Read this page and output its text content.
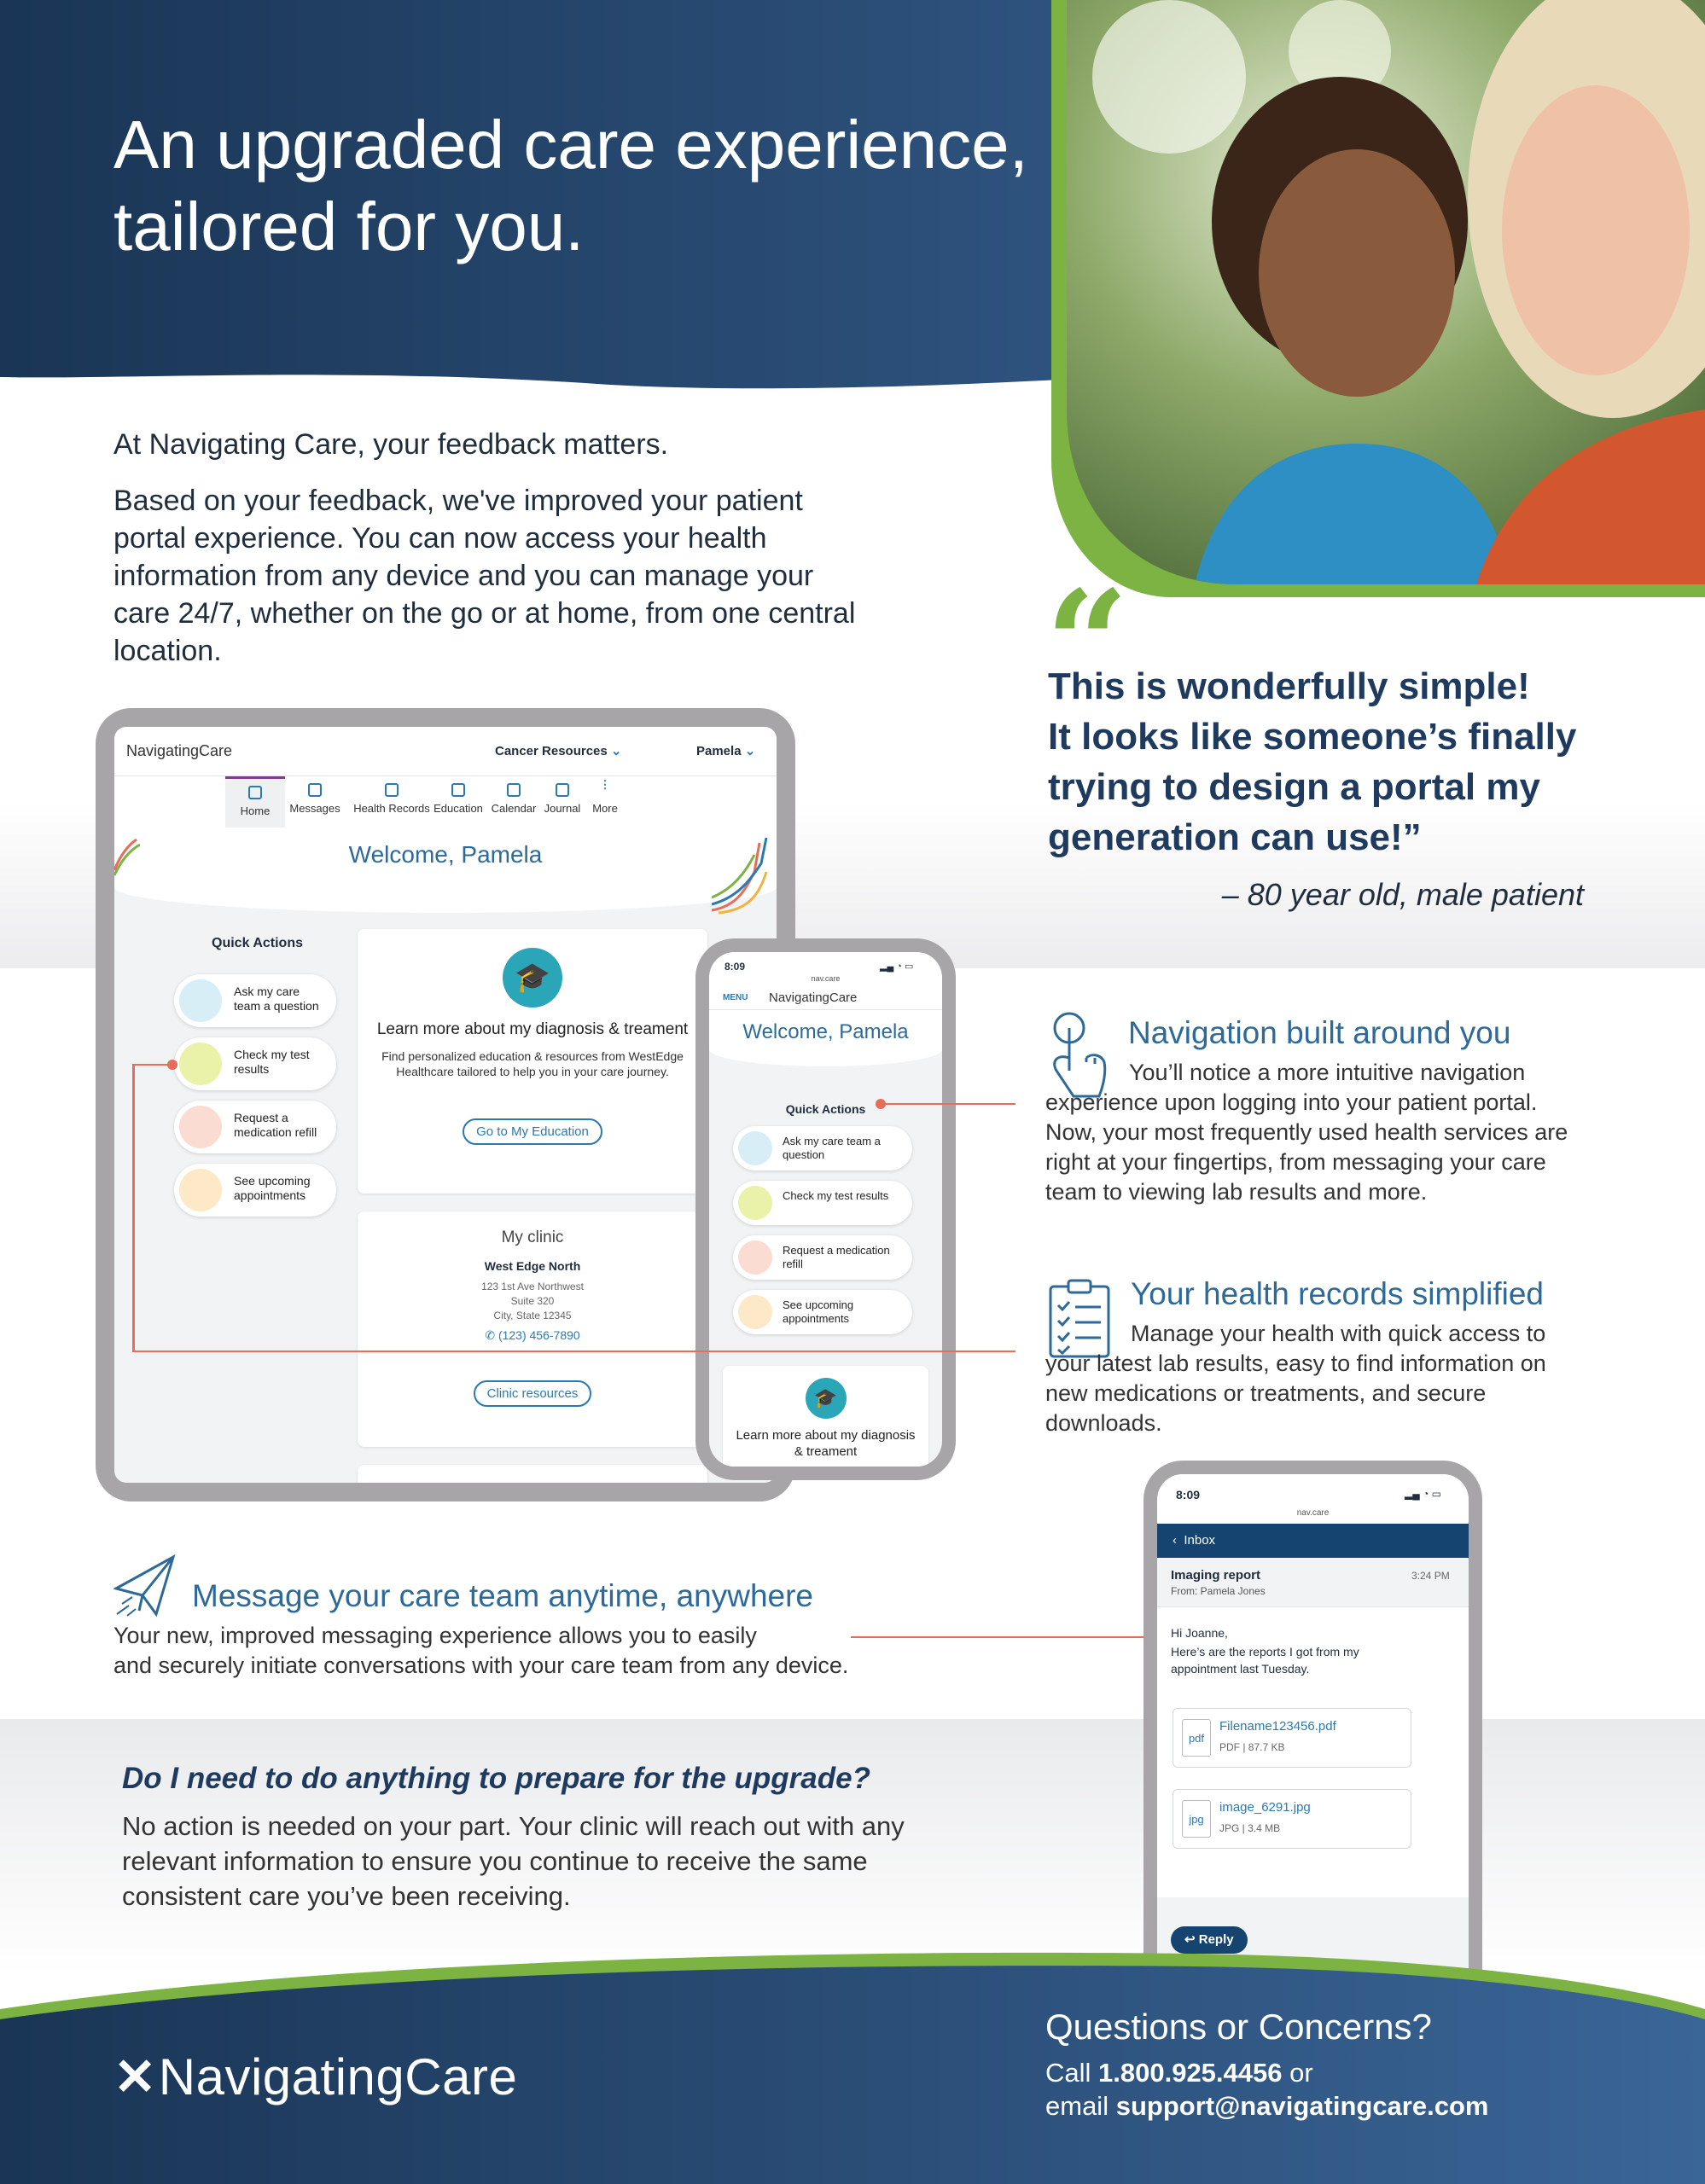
An upgraded care experience,
tailored for you.
At Navigating Care, your feedback matters.
Based on your feedback, we've improved your patient portal experience. You can now access your health information from any device and you can manage your care 24/7, whether on the go or at home, from one central location.	“
This is wonderfully simple!
It looks like someone’s finally
trying to design a portal my
generation can use!”
– 80 year old, male patient
NavigatingCare	Cancer Resources ⌄	Pamela ⌄
Home	Messages	Health Records Education Calendar Journal
⋮
More
Welcome, Pamela
Quick Actions
Ask my care team a question
Check my test results
Request a medication refill
See upcoming appointments
🎓
Learn more about my diagnosis & treament
Find personalized education & resources from WestEdge Healthcare tailored to help you in your care journey.
Go to My Education
My clinic
West Edge North
123 1st Ave Northwest
Suite 320
City, State 12345
✆ (123) 456-7890
Clinic resources
8:09	▂▄ ◔ ▭
nav.care
MENU NavigatingCare
Welcome, Pamela
Quick Actions
Ask my care team a question
Check my test results
Request a medication refill
See upcoming appointments
🎓
Learn more about my diagnosis & treament
Navigation built around you
You’ll notice a more intuitive navigation experience upon logging into your patient portal. Now, your most frequently used health services are right at your fingertips, from messaging your care team to viewing lab results and more.
Your health records simplified
Manage your health with quick access to your latest lab results, easy to find information on new medications or treatments, and secure downloads.
Message your care team anytime, anywhere
Your new, improved messaging experience allows you to easily
and securely initiate conversations with your care team from any device.
8:09	▂▄ ◔ ▭
nav.care
‹ Inbox
Imaging report
From: Pamela Jones
3:24 PM
Hi Joanne,
Here’s are the reports I got from my appointment last Tuesday.
pdf
Filename123456.pdf
PDF | 87.7 KB
jpg
image_6291.jpg
JPG | 3.4 MB
↩ Reply
Do I need to do anything to prepare for the upgrade?
No action is needed on your part. Your clinic will reach out with any relevant information to ensure you continue to receive the same consistent care you’ve been receiving.
✕NavigatingCare
Questions or Concerns?
Call 1.800.925.4456 or
email support@navigatingcare.com
